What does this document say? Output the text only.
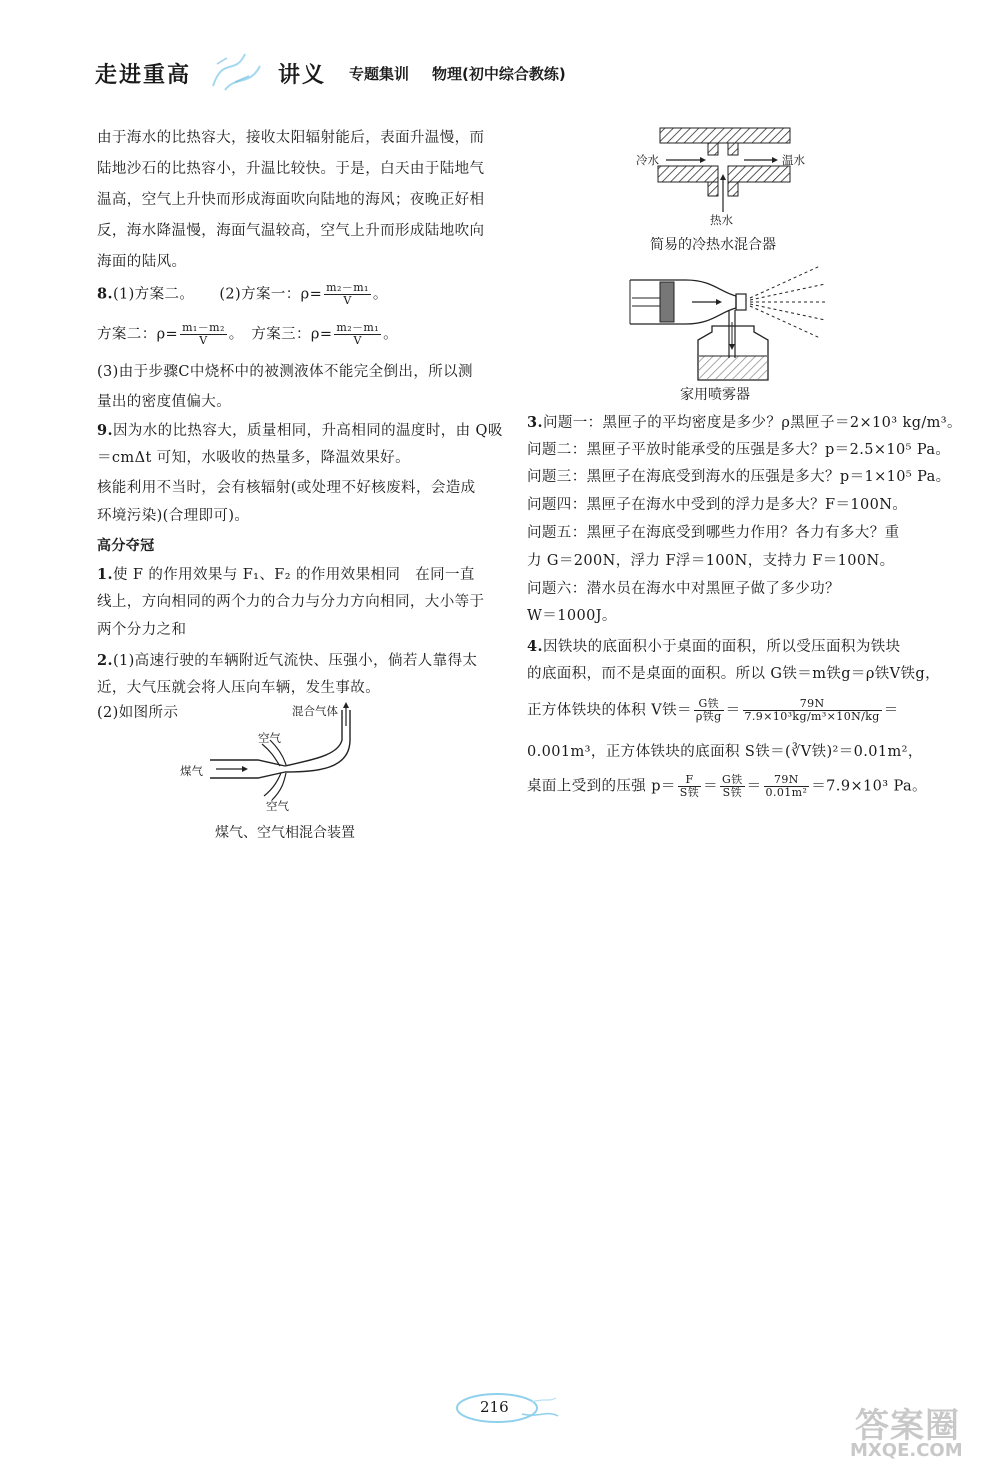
走进重高	讲义 专题集训 物理(初中综合教练)
由于海水的比热容大，接收太阳辐射能后，表面升温慢，而
陆地沙石的比热容小，升温比较快。于是，白天由于陆地气
温高，空气上升快而形成海面吹向陆地的海风；夜晚正好相
反，海水降温慢，海面气温较高，空气上升而形成陆地吹向
海面的陆风。
8.(1)方案二。 (2)方案一：$\rho= \frac{\text{m₂－m₁}}{V}$ 。
方案二：$\rho= \frac{\text{m₁－m₂}}{V}$ 。　方案三：$\rho= \frac{\text{m₂－m₁}}{V}$ 。
(3)由于步骤C中烧杯中的被测液体不能完全倒出，所以测
量出的密度值偏大。
9.因为水的比热容大，质量相同，升高相同的温度时，由 Q吸
＝cmΔt 可知，水吸收的热量多，降温效果好。
核能利用不当时，会有核辐射(或处理不好核废料，会造成
环境污染)(合理即可)。
高分夺冠
1.使 F 的作用效果与 F₁、F₂ 的作用效果相同　在同一直
线上，方向相同的两个力的合力与分力方向相同，大小等于
两个分力之和
2.(1)高速行驶的车辆附近气流快、压强小，倘若人靠得太
近，大气压就会将人压向车辆，发生事故。
(2)如图所示	混合气体
空气
煤气
空气
煤气、空气相混合装置
冷水	温水
热水
简易的冷热水混合器
家用喷雾器
3.问题一：黑匣子的平均密度是多少？ρ黑匣子＝2×10³ kg/m³。
问题二：黑匣子平放时能承受的压强是多大？p＝2.5×10⁵ Pa。
问题三：黑匣子在海底受到海水的压强是多大？p＝1×10⁵ Pa。
问题四：黑匣子在海水中受到的浮力是多大？F＝100N。
问题五：黑匣子在海底受到哪些力作用？各力有多大？重
力 G＝200N，浮力 F浮＝100N，支持力 F＝100N。
问题六：潜水员在海水中对黑匣子做了多少功？
W＝1000J。
4.因铁块的底面积小于桌面的面积，所以受压面积为铁块
的底面积，而不是桌面的面积。所以 G铁＝m铁g＝ρ铁V铁g，
正方体铁块的体积 V铁＝ $\frac{\text{G铁}}{\text{ρ铁g}} = \frac{79N}{\text{7.9×10³kg/m³×10N/kg}}$ ＝
0.001m³，正方体铁块的底面积 S铁＝(∛V铁)²＝0.01m²，
桌面上受到的压强 $p= \frac{F}{\text{S铁}} = \frac{\text{G铁}}{\text{S铁}} = \frac{79N}{\text{0.01m²}} =7.9\times 10^3$ Pa。
216	答案圈
MXQE.COM
